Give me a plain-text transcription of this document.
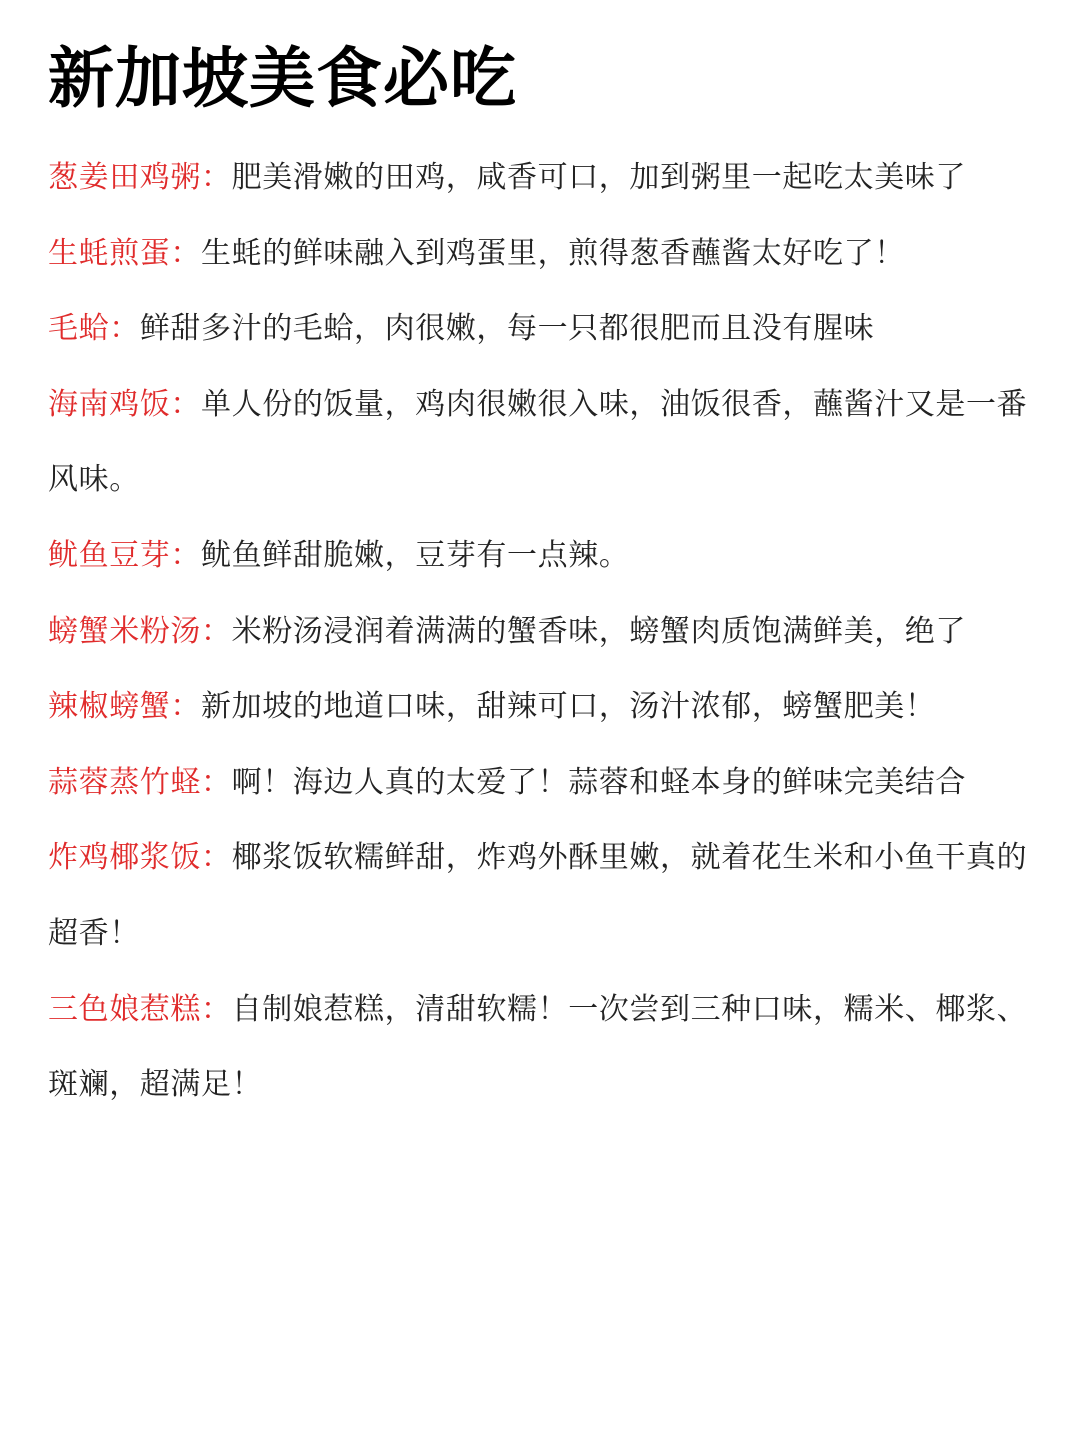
新加坡美食必吃
葱姜田鸡粥：肥美滑嫩的田鸡，咸香可口，加到粥里一起吃太美味了
生蚝煎蛋：生蚝的鲜味融入到鸡蛋里，煎得葱香蘸酱太好吃了！
毛蛤：鲜甜多汁的毛蛤，肉很嫩，每一只都很肥而且没有腥味
海南鸡饭：单人份的饭量，鸡肉很嫩很入味，油饭很香，蘸酱汁又是一番风味。
鱿鱼豆芽：鱿鱼鲜甜脆嫩，豆芽有一点辣。
螃蟹米粉汤：米粉汤浸润着满满的蟹香味，螃蟹肉质饱满鲜美，绝了
辣椒螃蟹：新加坡的地道口味，甜辣可口，汤汁浓郁，螃蟹肥美！
蒜蓉蒸竹蛏：啊！海边人真的太爱了！蒜蓉和蛏本身的鲜味完美结合
炸鸡椰浆饭：椰浆饭软糯鲜甜，炸鸡外酥里嫩，就着花生米和小鱼干真的超香！
三色娘惹糕：自制娘惹糕，清甜软糯！一次尝到三种口味，糯米、椰浆、斑斓，超满足！
